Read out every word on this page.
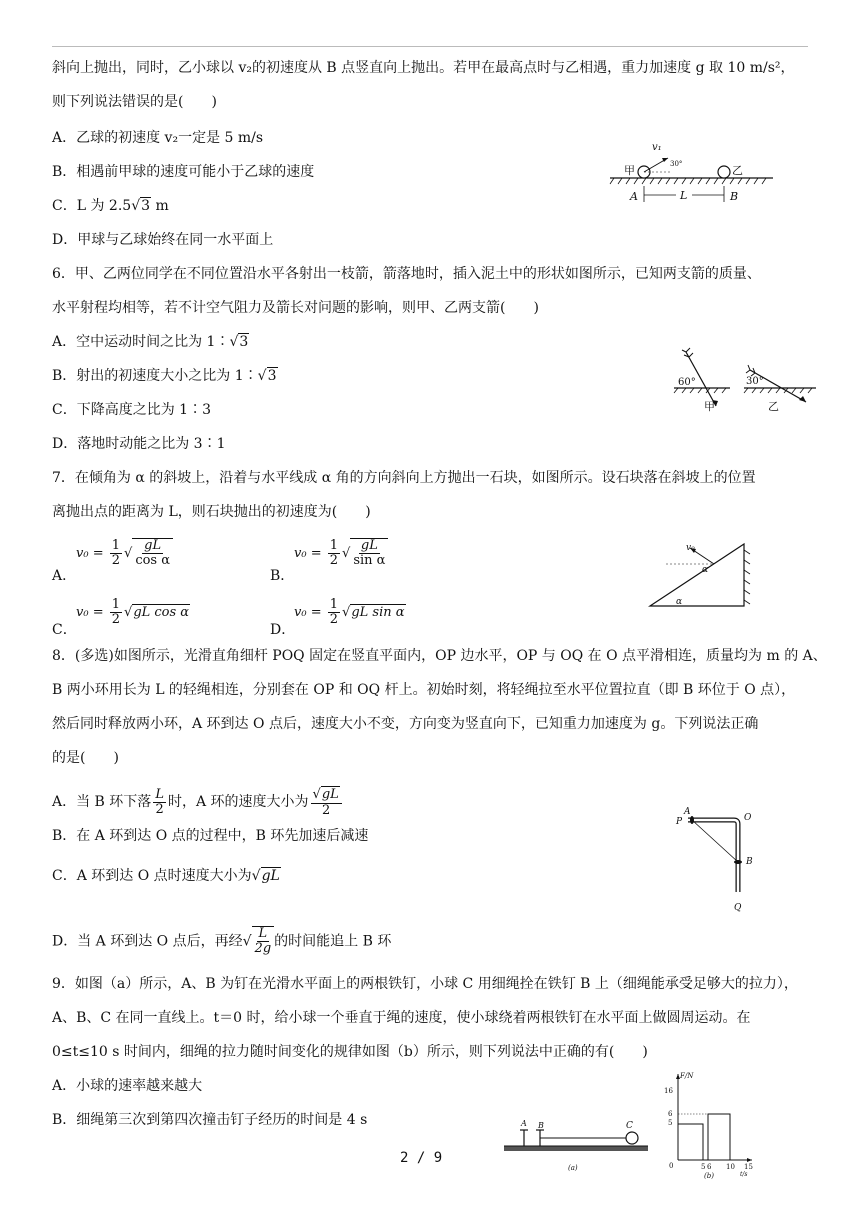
斜向上抛出，同时，乙小球以 v₂的初速度从 B 点竖直向上抛出。若甲在最高点时与乙相遇，重力加速度 g 取 10 m/s²，
则下列说法错误的是(　　)
A．乙球的初速度 v₂一定是 5 m/s
B．相遇前甲球的速度可能小于乙球的速度
C．L 为 2.5√3 m
D．甲球与乙球始终在同一水平面上
v₁
30°
甲	乙
A	L	B
6．甲、乙两位同学在不同位置沿水平各射出一枝箭，箭落地时，插入泥土中的形状如图所示，已知两支箭的质量、
水平射程均相等，若不计空气阻力及箭长对问题的影响，则甲、乙两支箭(　　)
A．空中运动时间之比为 1∶√3
B．射出的初速度大小之比为 1∶√3
C．下降高度之比为 1∶3
D．落地时动能之比为 3∶1
60°
甲
30°
乙
7．在倾角为 α 的斜坡上，沿着与水平线成 α 角的方向斜向上方抛出一石块，如图所示。设石块落在斜坡上的位置
离抛出点的距离为 L，则石块抛出的初速度为(　　)
A．
$v_0 = \frac{1}{2}$ √ $\frac{gL}{\text{cos α}}$
B．
$v_0 = \frac{1}{2}$ √ $\frac{gL}{\text{sin α}}$
C．
$v_0 = \frac{1}{2} √gL$ cos α
D．
$v_0 = \frac{1}{2} √gL$ sin α
v₀
α
α
8．(多选)如图所示，光滑直角细杆 POQ 固定在竖直平面内，OP 边水平，OP 与 OQ 在 O 点平滑相连，质量均为 m 的 A、
B 两小环用长为 L 的轻绳相连，分别套在 OP 和 OQ 杆上。初始时刻，将轻绳拉至水平位置拉直（即 B 环位于 O 点），
然后同时释放两小环，A 环到达 O 点后，速度大小不变，方向变为竖直向下，已知重力加速度为 g。下列说法正确
的是(　　)
A．当 B 环下落 $\frac{L}{2}$ 时，A 环的速度大小为 $\frac{√gL}{2}$
B．在 A 环到达 O 点的过程中，B 环先加速后减速
C．A 环到达 O 点时速度大小为√gL
D．当 A 环到达 O 点后，再经√ $\frac{L}{2g}$ 的时间能追上 B 环
P
A
O
B
Q
9．如图（a）所示，A、B 为钉在光滑水平面上的两根铁钉，小球 C 用细绳拴在铁钉 B 上（细绳能承受足够大的拉力），
A、B、C 在同一直线上。t＝0 时，给小球一个垂直于绳的速度，使小球绕着两根铁钉在水平面上做圆周运动。在
0≤t≤10 s 时间内，细绳的拉力随时间变化的规律如图（b）所示，则下列说法中正确的有(　　)
A．小球的速率越来越大
B．细绳第三次到第四次撞击钉子经历的时间是 4 s	A B	C
(a)
F/N
16
6
5
0	5 6 10 15
t/s
(b)
2 / 9
